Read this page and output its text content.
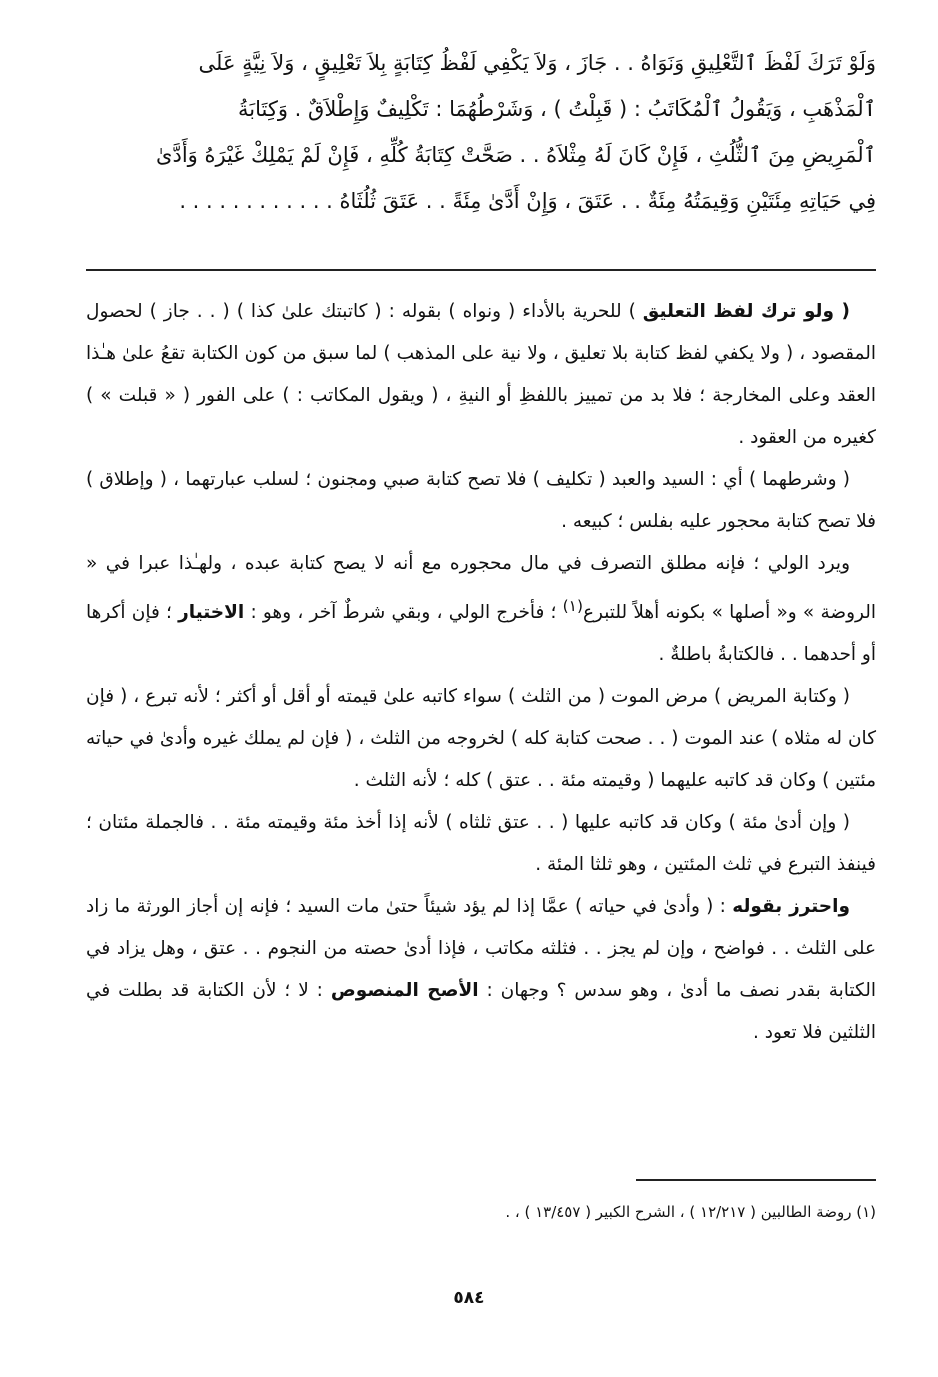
وَلَوْ تَرَكَ لَفْظَ ٱلتَّعْلِيقِ وَنَوَاهُ . . جَازَ ، وَلاَ يَكْفِي لَفْظُ كِتَابَةٍ بِلاَ تَعْلِيقٍ ، وَلاَ نِيَّةٍ عَلَى
ٱلْمَذْهَبِ ، وَيَقُولُ ٱلْمُكَاتَبُ : ( قَبِلْتُ ) ، وَشَرْطُهُمَا : تَكْلِيفٌ وَإِطْلاَقٌ . وَكِتَابَةُ
ٱلْمَرِيضِ مِنَ ٱلثُّلُثِ ، فَإِنْ كَانَ لَهُ مِثْلاَهُ . . صَحَّتْ كِتَابَةُ كُلِّهِ ، فَإِنْ لَمْ يَمْلِكْ غَيْرَهُ وَأَدَّىٰ
فِي حَيَاتِهِ مِئَتَيْنِ وَقِيمَتُهُ مِئَةٌ . . عَتَقَ ، وَإِنْ أَدَّىٰ مِئَةً . . عَتَقَ ثُلُثَاهُ . . . . . . . . . . . .

( ولو ترك لفظ التعليق ) للحرية بالأداء ( ونواه ) بقوله : ( كاتبتك علىٰ كذا ) ( . . جاز ) لحصول المقصود ، ( ولا يكفي لفظ كتابة بلا تعليق ، ولا نية على المذهب ) لما سبق من كون الكتابة تقعُ علىٰ هـٰذا العقد وعلى المخارجة ؛ فلا بد من تمييز باللفظِ أو النيةِ ، ( ويقول المكاتب : ) على الفور ( « قبلت » ) كغيره من العقود .

( وشرطهما ) أي : السيد والعبد ( تكليف ) فلا تصح كتابة صبي ومجنون ؛ لسلب عبارتهما ، ( وإطلاق ) فلا تصح كتابة محجور عليه بفلس ؛ كبيعه .

ويرد الولي ؛ فإنه مطلق التصرف في مال محجوره مع أنه لا يصح كتابة عبده ، ولهـٰذا عبرا في « الروضة » و« أصلها » بكونه أهلاً للتبرع$^{(١)}$ ؛ فأخرج الولي ، وبقي شرطٌ آخر ، وهو : الاختيار ؛ فإن أكرها أو أحدهما . . فالكتابةُ باطلةٌ .

( وكتابة المريض ) مرض الموت ( من الثلث ) سواء كاتبه علىٰ قيمته أو أقل أو أكثر ؛ لأنه تبرع ، ( فإن كان له مثلاه ) عند الموت ( . . صحت كتابة كله ) لخروجه من الثلث ، ( فإن لم يملك غيره وأدىٰ في حياته مئتين ) وكان قد كاتبه عليهما ( وقيمته مئة . . عتق ) كله ؛ لأنه الثلث .

( وإن أدىٰ مئة ) وكان قد كاتبه عليها ( . . عتق ثلثاه ) لأنه إذا أخذ مئة وقيمته مئة . . فالجملة مئتان ؛ فينفذ التبرع في ثلث المئتين ، وهو ثلثا المئة .

واحترز بقوله : ( وأدىٰ في حياته ) عمَّا إذا لم يؤد شيئاً حتىٰ مات السيد ؛ فإنه إن أجاز الورثة ما زاد على الثلث . . فواضح ، وإن لم يجز . . فثلثه مكاتب ، فإذا أدىٰ حصته من النجوم . . عتق ، وهل يزاد في الكتابة بقدر نصف ما أدىٰ ، وهو سدس ؟ وجهان : الأصح المنصوص : لا ؛ لأن الكتابة قد بطلت في الثلثين فلا تعود .

(١) روضة الطالبين ( ١٢/٢١٧ ) ، الشرح الكبير ( ١٣/٤٥٧ ) ، .
٥٨٤
